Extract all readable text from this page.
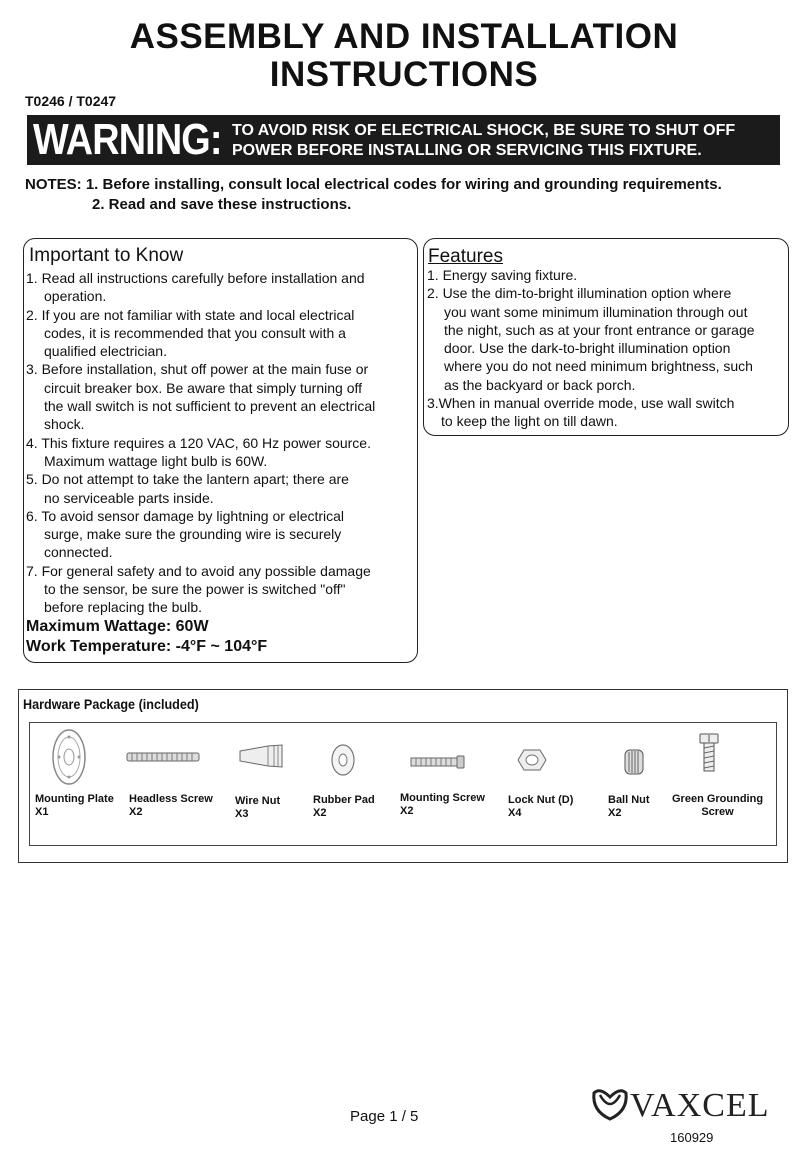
ASSEMBLY AND INSTALLATION
INSTRUCTIONS
T0246 / T0247
WARNING: TO AVOID RISK OF ELECTRICAL SHOCK, BE SURE TO SHUT OFF
POWER BEFORE INSTALLING OR SERVICING THIS FIXTURE.
NOTES: 1. Before installing, consult local electrical codes for wiring and grounding requirements.
2. Read and save these instructions.
Important to Know
1. Read all instructions carefully before installation and
operation.
2. If you are not familiar with state and local electrical
codes, it is recommended that you consult with a
qualified electrician.
3. Before installation, shut off power at the main fuse or
circuit breaker box. Be aware that simply turning off
the wall switch is not sufficient to prevent an electrical
shock.
4. This fixture requires a 120 VAC, 60 Hz power source.
Maximum wattage light bulb is 60W.
5. Do not attempt to take the lantern apart; there are
no serviceable parts inside.
6. To avoid sensor damage by lightning or electrical
surge, make sure the grounding wire is securely
connected.
7. For general safety and to avoid any possible damage
to the sensor, be sure the power is switched "off"
before replacing the bulb.
Maximum Wattage: 60W
Work Temperature: -4°F ~ 104°F
Features
1. Energy saving fixture.
2. Use the dim-to-bright illumination option where
you want some minimum illumination through out
the night, such as at your front entrance or garage
door. Use the dark-to-bright illumination option
where you do not need minimum brightness, such
as the backyard or back porch.
3.When in manual override mode, use wall switch
to keep the light on till dawn.
Hardware Package (included)
Mounting Plate
X1
Headless Screw
X2
Wire Nut
X3
Rubber Pad
X2
Mounting Screw
X2
Lock Nut (D)
X4
Ball Nut
X2
Green Grounding
Screw
Page 1 / 5	VAXCEL
160929
